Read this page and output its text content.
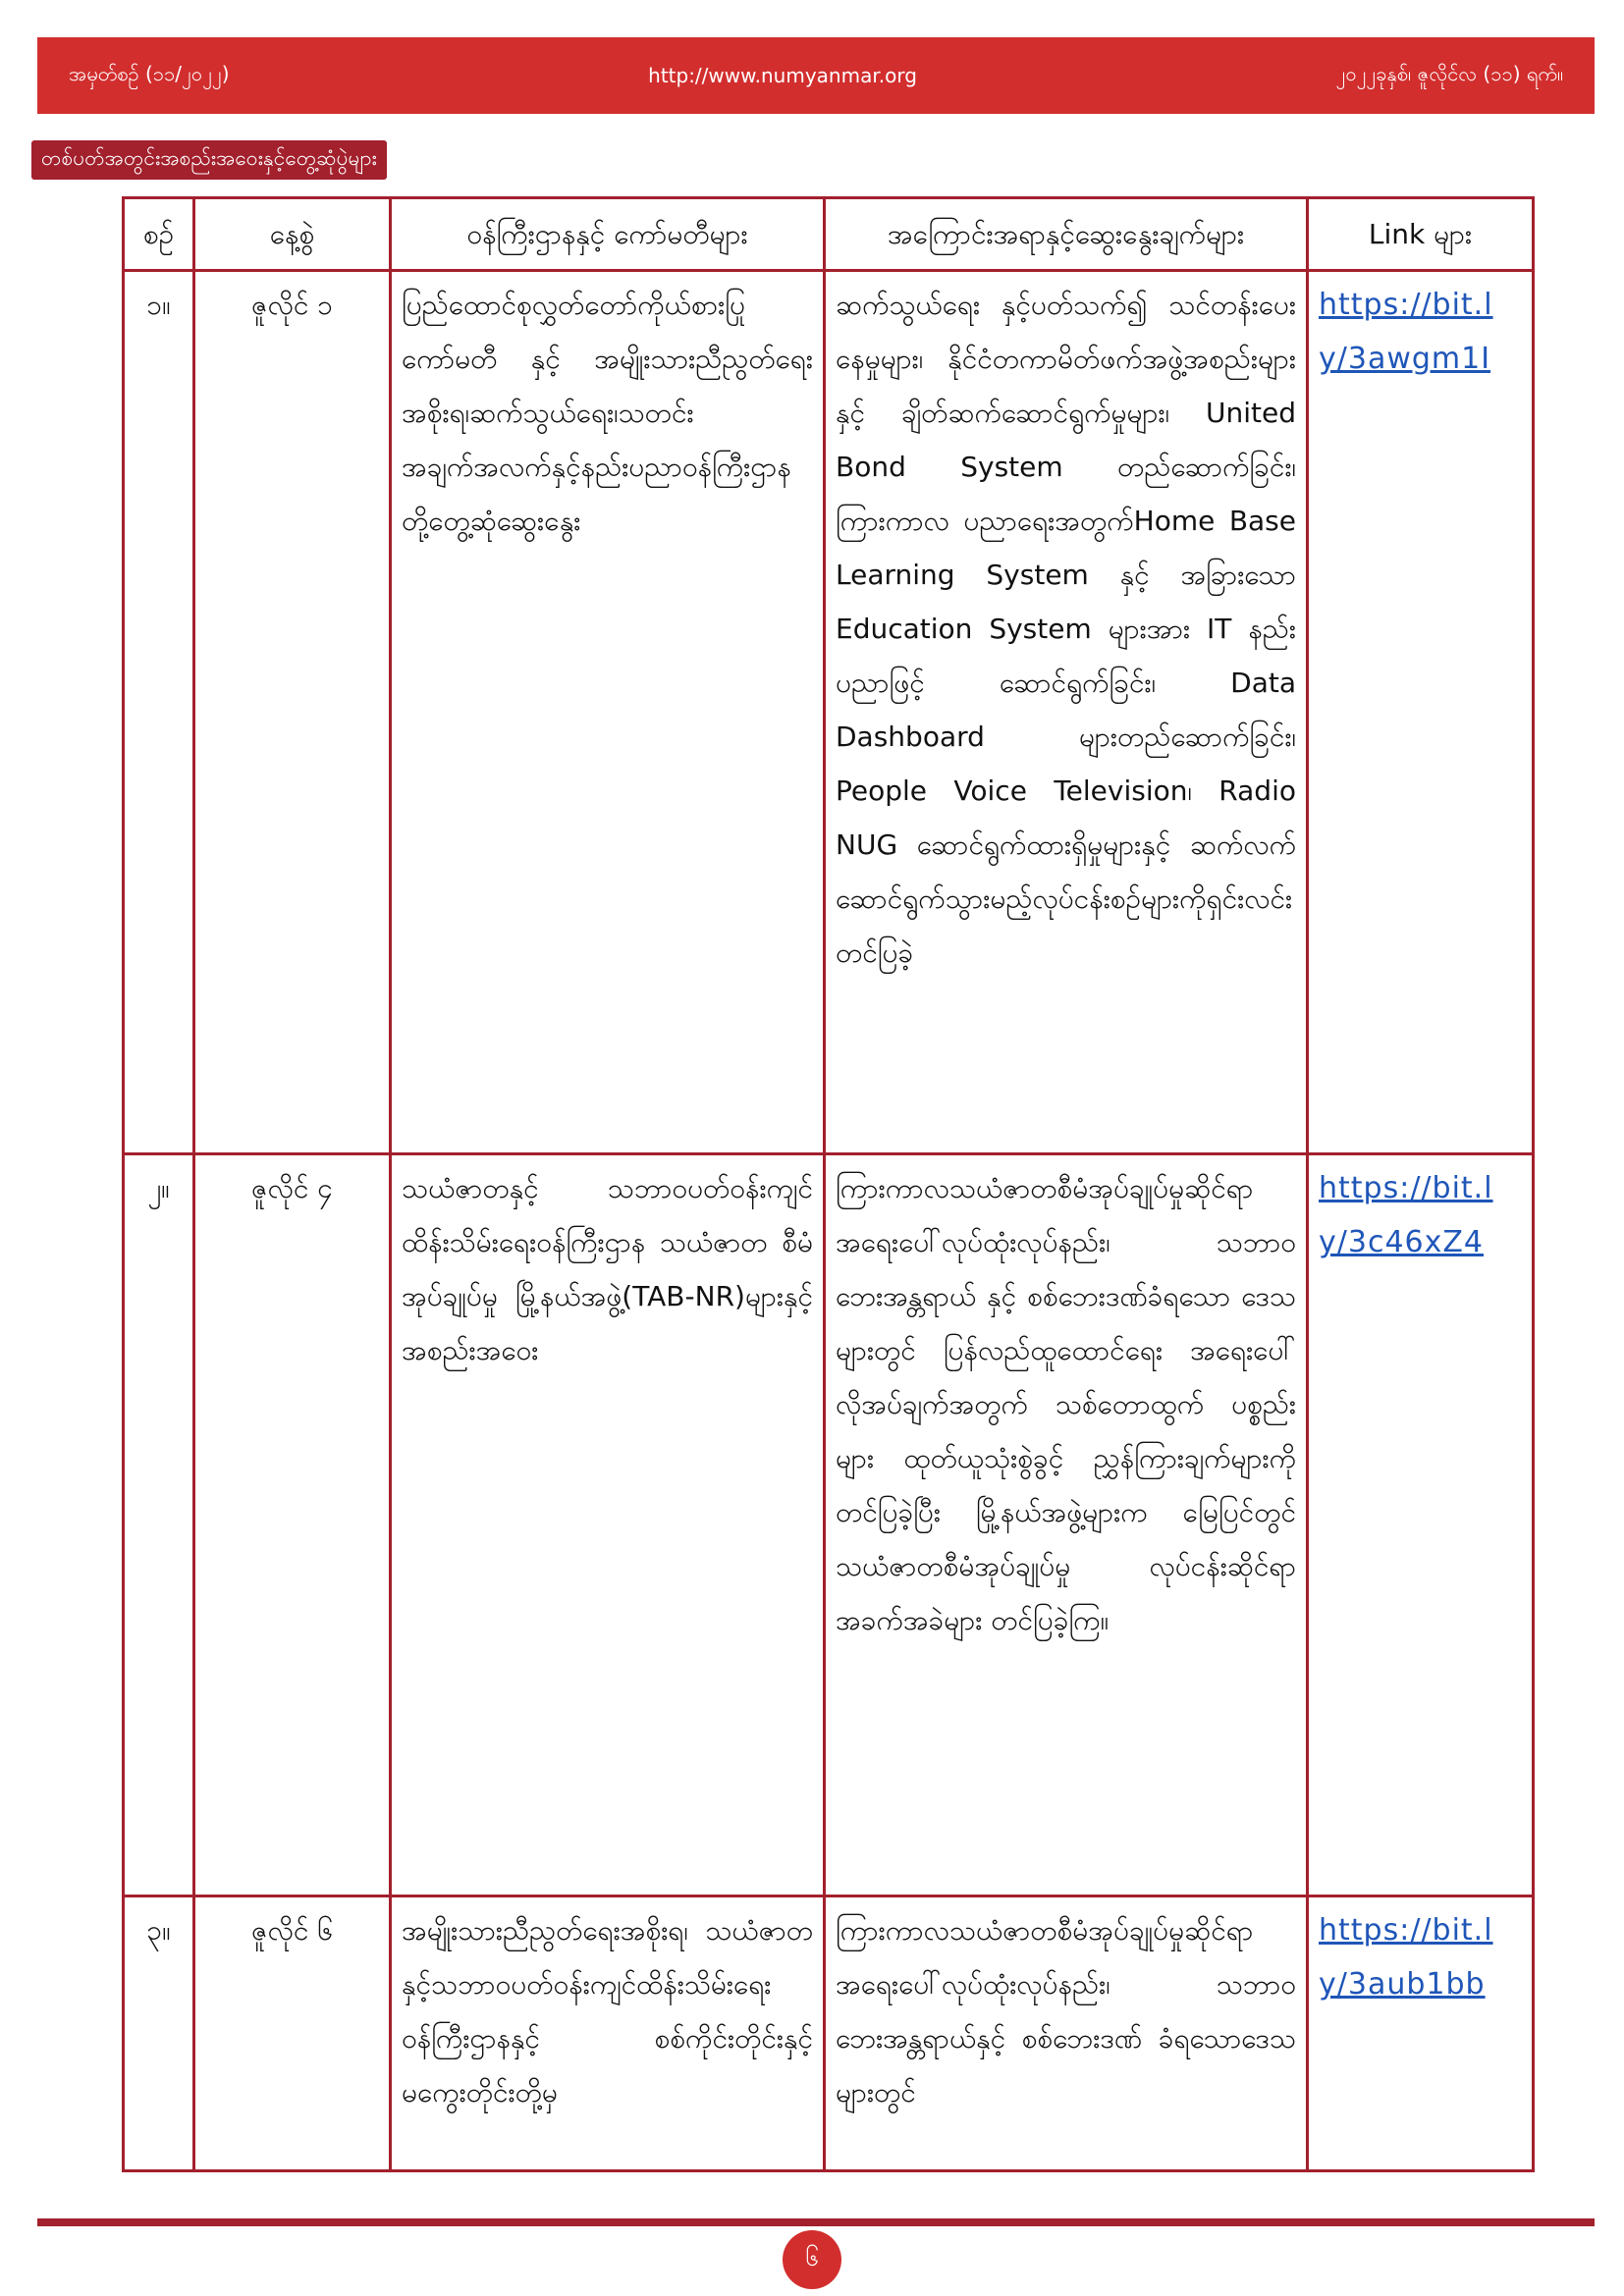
အမှတ်စဉ် (၁၁/၂၀၂၂)	http://www.numyanmar.org	၂၀၂၂ခုနှစ်၊ ဇူလိုင်လ (၁၁) ရက်။
တစ်ပတ်အတွင်းအစည်းအဝေးနှင့်တွေ့ဆုံပွဲများ
စဉ်	နေ့စွဲ	ဝန်ကြီးဌာနနှင့် ကော်မတီများ	အကြောင်းအရာနှင့်ဆွေးနွေးချက်များ	Link များ
၁။	ဇူလိုင် ၁	ပြည်ထောင်စုလွှတ်တော်ကိုယ်စားပြုကော်မတီ နှင့် အမျိုးသားညီညွတ်ရေးအစိုးရ၊ဆက်သွယ်ရေး၊သတင်းအချက်အလက်နှင့်နည်းပညာဝန်ကြီးဌာနတို့တွေ့ဆုံဆွေးနွေး	ဆက်သွယ်ရေး နှင့်ပတ်သက်၍ သင်တန်းပေးနေမှုများ၊ နိုင်ငံတကာမိတ်ဖက်အဖွဲ့အစည်းများနှင့် ချိတ်ဆက်ဆောင်ရွက်မှုများ၊ United Bond System တည်ဆောက်ခြင်း၊ ကြားကာလ ပညာရေးအတွက်Home Base Learning System နှင့် အခြားသော Education System များအား IT နည်းပညာဖြင့် ဆောင်ရွက်ခြင်း၊ Data Dashboard များတည်ဆောက်ခြင်း၊ People Voice Television၊ Radio NUG ဆောင်ရွက်ထားရှိမှုများနှင့် ဆက်လက်ဆောင်ရွက်သွားမည့်လုပ်ငန်းစဉ်များကိုရှင်းလင်းတင်ပြခဲ့	https://bit.ly/3awgm1I
၂။	ဇူလိုင် ၄	သယံဇာတနှင့် သဘာဝပတ်ဝန်းကျင်ထိန်းသိမ်းရေးဝန်ကြီးဌာန သယံဇာတ စီမံအုပ်ချုပ်မှု မြို့နယ်အဖွဲ့(TAB-NR)များနှင့်အစည်းအဝေး	ကြားကာလသယံဇာတစီမံအုပ်ချုပ်မှုဆိုင်ရာ အရေးပေါ်လုပ်ထုံးလုပ်နည်း၊ သဘာဝ ဘေးအန္တရာယ် နှင့် စစ်ဘေးဒဏ်ခံရသော ဒေသများတွင် ပြန်လည်ထူထောင်ရေး အရေးပေါ် လိုအပ်ချက်အတွက် သစ်တောထွက် ပစ္စည်းများ ထုတ်ယူသုံးစွဲခွင့် ညွှန်ကြားချက်များကို တင်ပြခဲ့ပြီး မြို့နယ်အဖွဲ့များက မြေပြင်တွင် သယံဇာတစီမံအုပ်ချုပ်မှု လုပ်ငန်းဆိုင်ရာ အခက်အခဲများ တင်ပြခဲ့ကြ။	https://bit.ly/3c46xZ4
၃။	ဇူလိုင် ၆	အမျိုးသားညီညွတ်ရေးအစိုးရ၊ သယံဇာတနှင့်သဘာဝပတ်ဝန်းကျင်ထိန်းသိမ်းရေးဝန်ကြီးဌာနနှင့် စစ်ကိုင်းတိုင်းနှင့် မကွေးတိုင်းတို့မှ	ကြားကာလသယံဇာတစီမံအုပ်ချုပ်မှုဆိုင်ရာ အရေးပေါ်လုပ်ထုံးလုပ်နည်း၊ သဘာဝ ဘေးအန္တရာယ်နှင့် စစ်ဘေးဒဏ် ခံရသောဒေသများတွင်	https://bit.ly/3aub1bb
၆
